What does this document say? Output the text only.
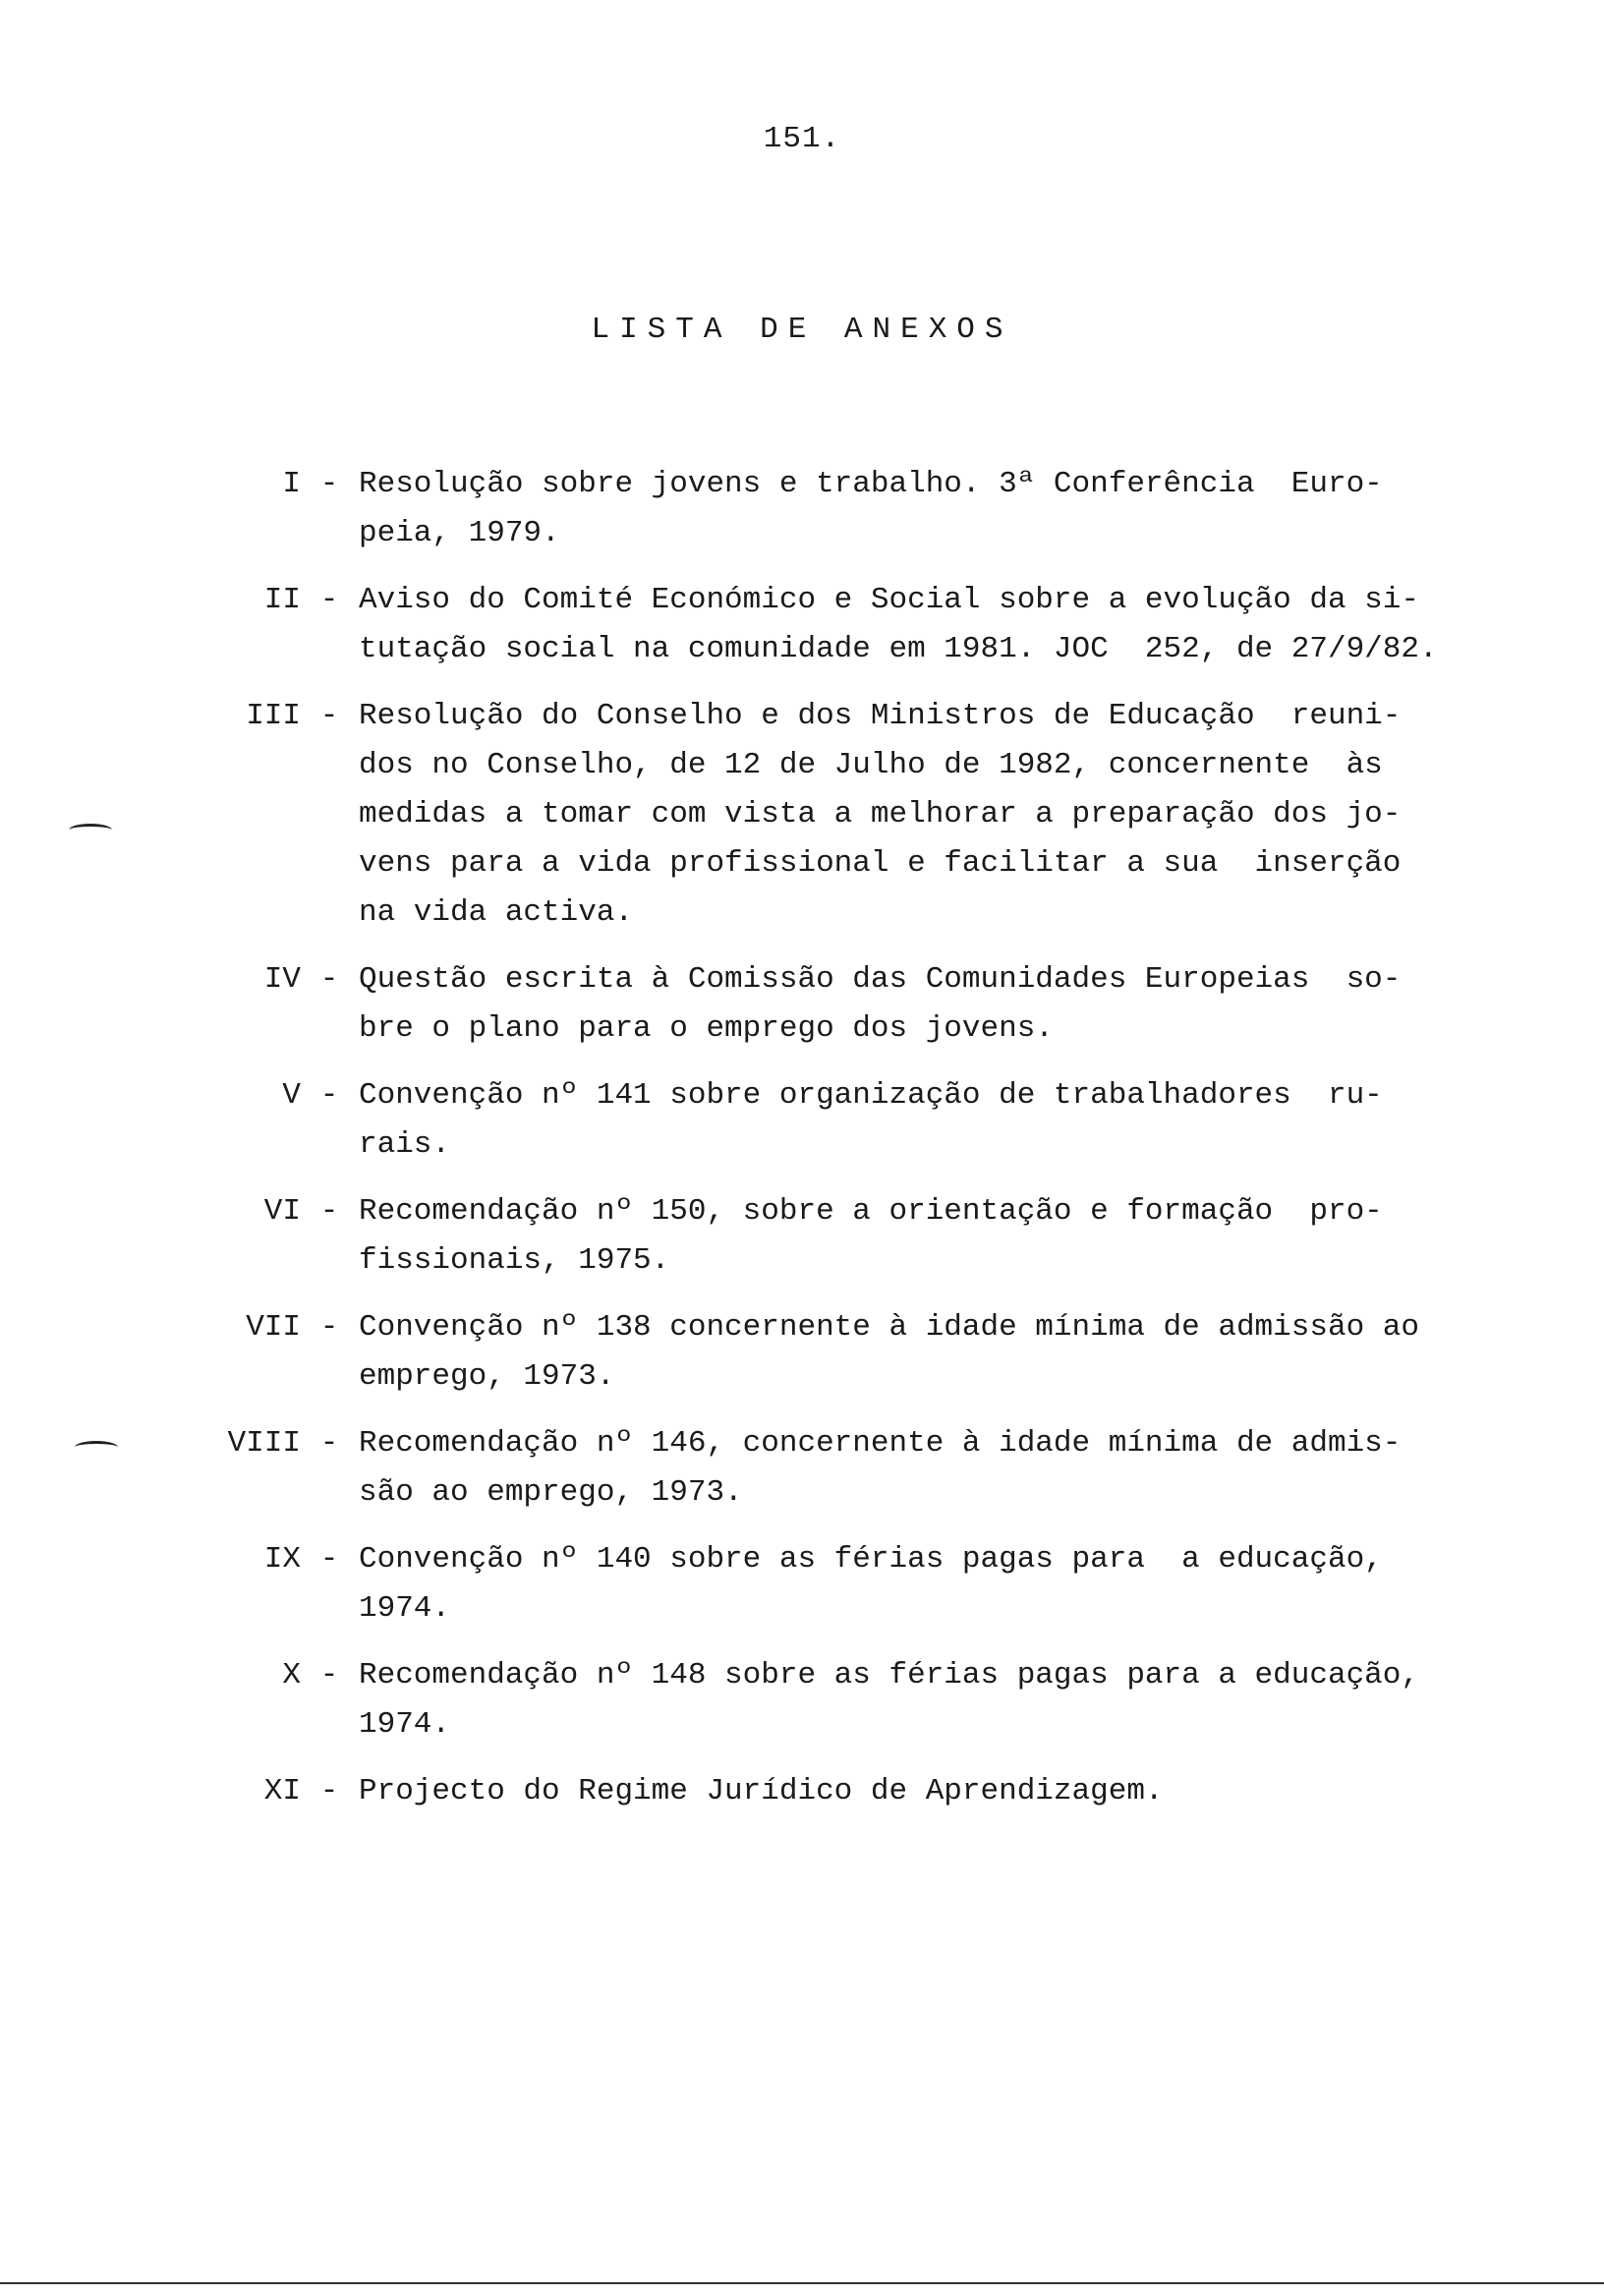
151.
LISTA DE ANEXOS
I - Resolução sobre jovens e trabalho. 3ª Conferência  Euro-
peia, 1979.
II - Aviso do Comité Económico e Social sobre a evolução da si-
tutação social na comunidade em 1981. JOC  252, de 27/9/82.
III - Resolução do Conselho e dos Ministros de Educação  reuni-
dos no Conselho, de 12 de Julho de 1982, concernente  às
medidas a tomar com vista a melhorar a preparação dos jo-
vens para a vida profissional e facilitar a sua  inserção
na vida activa.
IV - Questão escrita à Comissão das Comunidades Europeias  so-
bre o plano para o emprego dos jovens.
V - Convenção nº 141 sobre organização de trabalhadores  ru-
rais.
VI - Recomendação nº 150, sobre a orientação e formação  pro-
fissionais, 1975.
VII - Convenção nº 138 concernente à idade mínima de admissão ao
emprego, 1973.
VIII - Recomendação nº 146, concernente à idade mínima de admis-
são ao emprego, 1973.
IX - Convenção nº 140 sobre as férias pagas para  a educação,
1974.
X - Recomendação nº 148 sobre as férias pagas para a educação,
1974.
XI - Projecto do Regime Jurídico de Aprendizagem.
